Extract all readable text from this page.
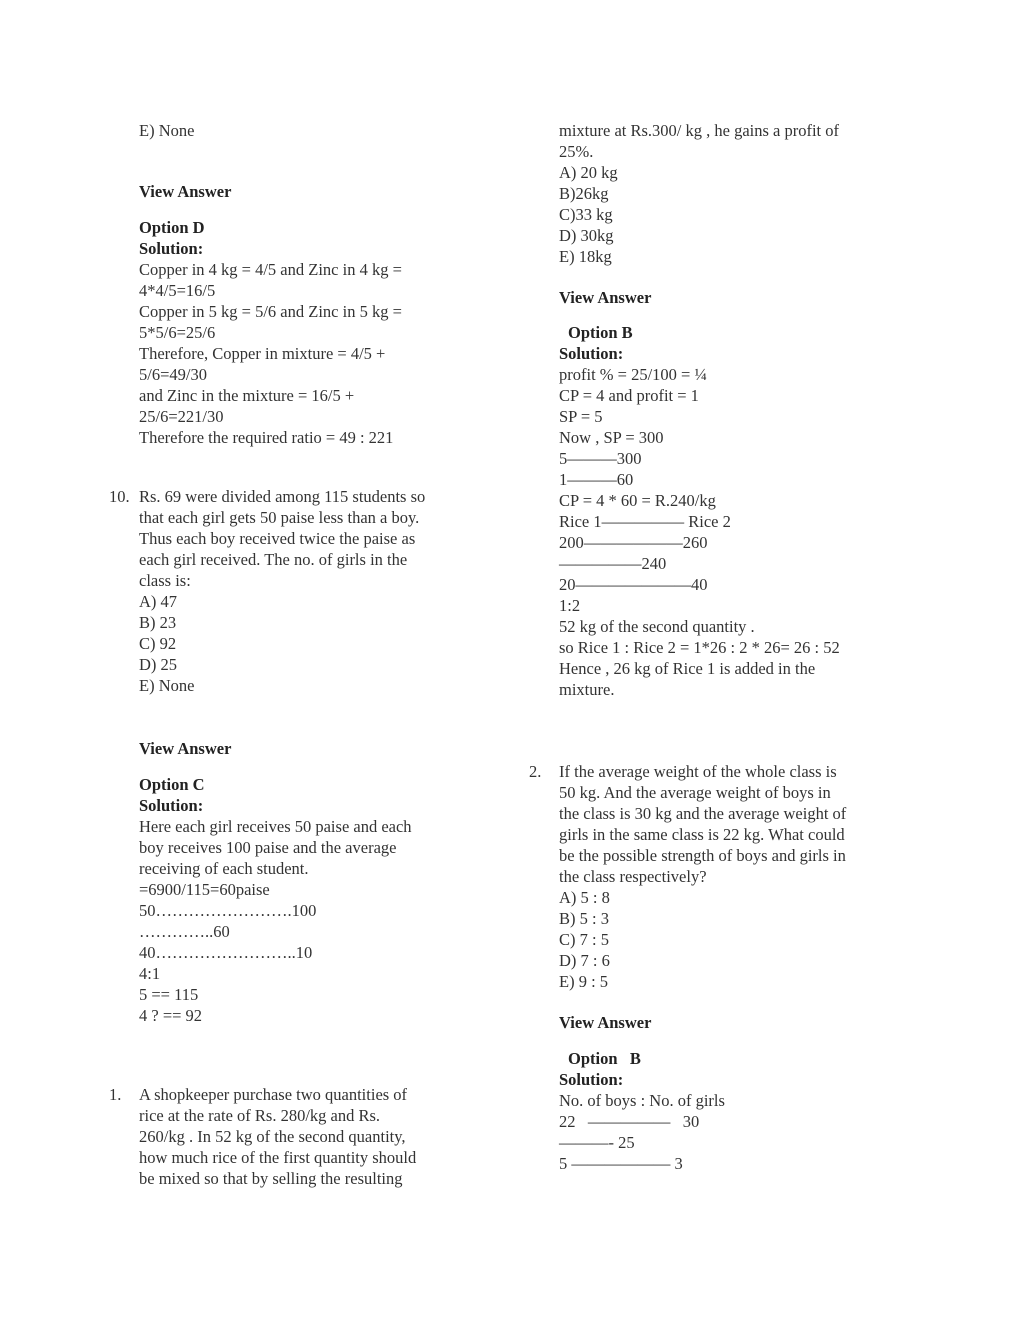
E) None
View Answer
Option D
Solution:
Copper in 4 kg = 4/5 and Zinc in 4 kg =
4*4/5=16/5
Copper in 5 kg = 5/6 and Zinc in 5 kg =
5*5/6=25/6
Therefore, Copper in mixture = 4/5 +
5/6=49/30
and Zinc in the mixture = 16/5 +
25/6=221/30
Therefore the required ratio = 49 : 221
10. Rs. 69 were divided among 115 students so
that each girl gets 50 paise less than a boy.
Thus each boy received twice the paise as
each girl received. The no. of girls in the
class is:
A) 47
B) 23
C) 92
D) 25
E) None
View Answer
Option C
Solution:
Here each girl receives 50 paise and each
boy receives 100 paise and the average
receiving of each student.
=6900/115=60paise
50…………………….100
…………..60
40……………………..10
4:1
5 == 115
4 ? == 92
1. A shopkeeper purchase two quantities of
rice at the rate of Rs. 280/kg and Rs.
260/kg . In 52 kg of the second quantity,
how much rice of the first quantity should
be mixed so that by selling the resulting
mixture at Rs.300/ kg , he gains a profit of
25%.
A) 20 kg
B)26kg
C)33 kg
D) 30kg
E) 18kg
View Answer
Option B
Solution:
profit % = 25/100 = ¼
CP = 4 and profit = 1
SP = 5
Now , SP = 300
5———300
1———60
CP = 4 * 60 = R.240/kg
Rice 1————— Rice 2
200——————260
—————240
20———————40
1:2
52 kg of the second quantity .
so Rice 1 : Rice 2 = 1*26 : 2 * 26= 26 : 52
Hence , 26 kg of Rice 1 is added in the
mixture.
2. If the average weight of the whole class is
50 kg. And the average weight of boys in
the class is 30 kg and the average weight of
girls in the same class is 22 kg. What could
be the possible strength of boys and girls in
the class respectively?
A) 5 : 8
B) 5 : 3
C) 7 : 5
D) 7 : 6
E) 9 : 5
View Answer
Option   B
Solution:
No. of boys : No. of girls
22   —————   30
———- 25
5 —————— 3
